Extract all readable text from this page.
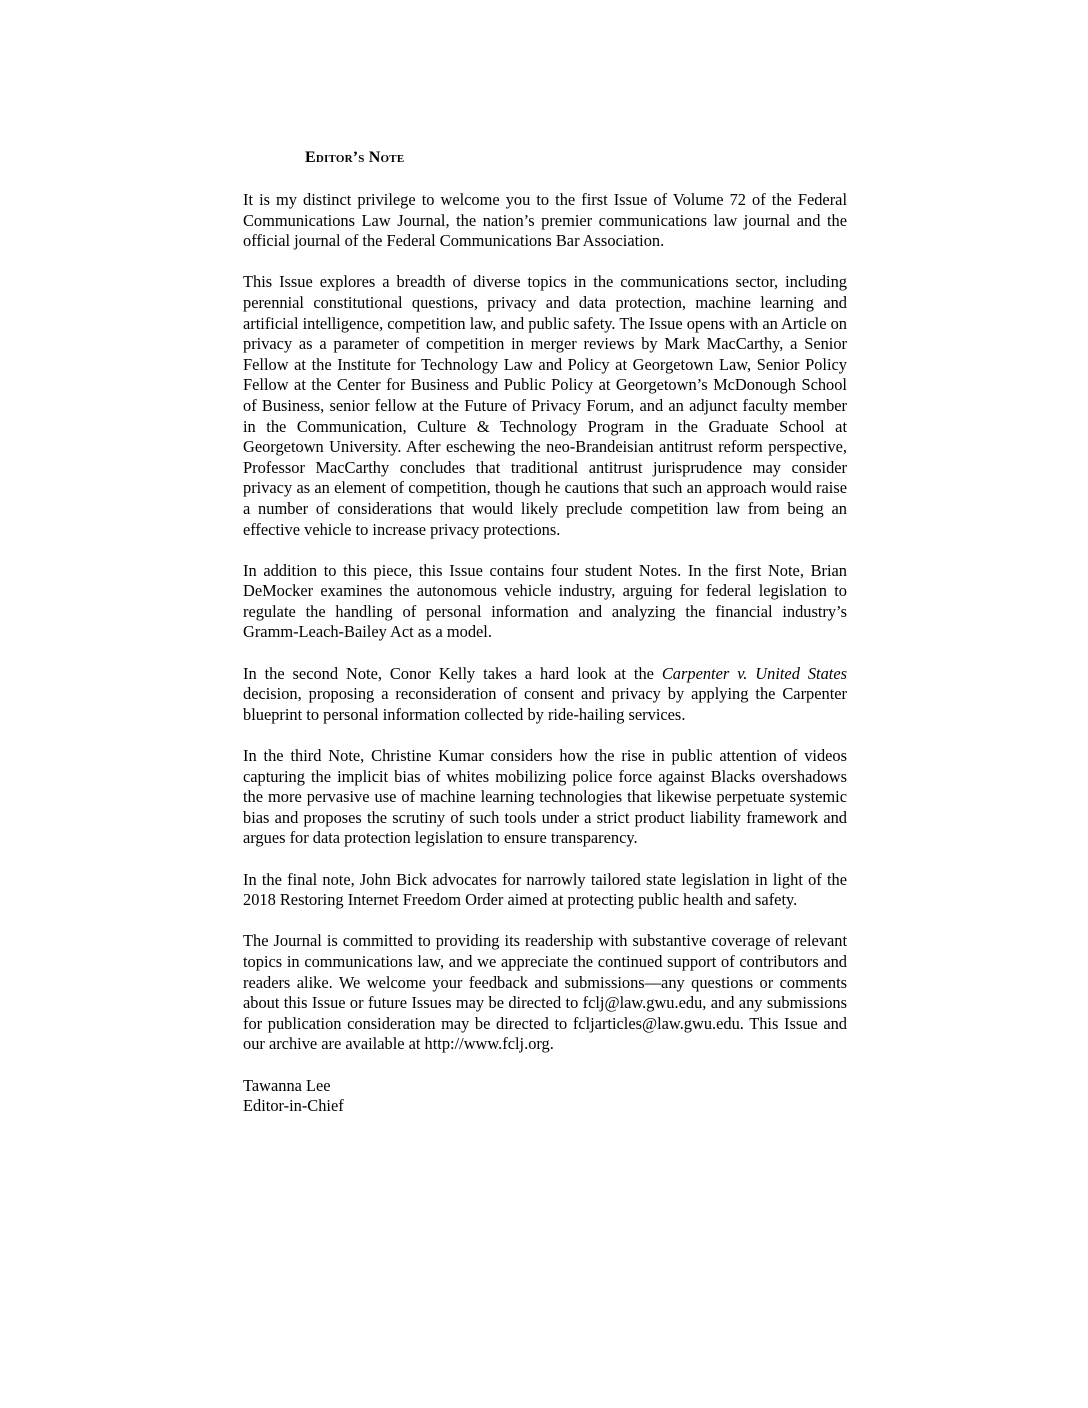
Editor’s Note

It is my distinct privilege to welcome you to the first Issue of Volume 72 of the Federal Communications Law Journal, the nation’s premier communications law journal and the official journal of the Federal Communications Bar Association.

This Issue explores a breadth of diverse topics in the communications sector, including perennial constitutional questions, privacy and data protection, machine learning and artificial intelligence, competition law, and public safety. The Issue opens with an Article on privacy as a parameter of competition in merger reviews by Mark MacCarthy, a Senior Fellow at the Institute for Technology Law and Policy at Georgetown Law, Senior Policy Fellow at the Center for Business and Public Policy at Georgetown’s McDonough School of Business, senior fellow at the Future of Privacy Forum, and an adjunct faculty member in the Communication, Culture & Technology Program in the Graduate School at Georgetown University. After eschewing the neo-Brandeisian antitrust reform perspective, Professor MacCarthy concludes that traditional antitrust jurisprudence may consider privacy as an element of competition, though he cautions that such an approach would raise a number of considerations that would likely preclude competition law from being an effective vehicle to increase privacy protections.

In addition to this piece, this Issue contains four student Notes. In the first Note, Brian DeMocker examines the autonomous vehicle industry, arguing for federal legislation to regulate the handling of personal information and analyzing the financial industry’s Gramm-Leach-Bailey Act as a model.

In the second Note, Conor Kelly takes a hard look at the Carpenter v. United States decision, proposing a reconsideration of consent and privacy by applying the Carpenter blueprint to personal information collected by ride-hailing services.

In the third Note, Christine Kumar considers how the rise in public attention of videos capturing the implicit bias of whites mobilizing police force against Blacks overshadows the more pervasive use of machine learning technologies that likewise perpetuate systemic bias and proposes the scrutiny of such tools under a strict product liability framework and argues for data protection legislation to ensure transparency.

In the final note, John Bick advocates for narrowly tailored state legislation in light of the 2018 Restoring Internet Freedom Order aimed at protecting public health and safety.

The Journal is committed to providing its readership with substantive coverage of relevant topics in communications law, and we appreciate the continued support of contributors and readers alike. We welcome your feedback and submissions—any questions or comments about this Issue or future Issues may be directed to fclj@law.gwu.edu, and any submissions for publication consideration may be directed to fcljarticles@law.gwu.edu. This Issue and our archive are available at http://www.fclj.org.

Tawanna Lee
Editor-in-Chief
